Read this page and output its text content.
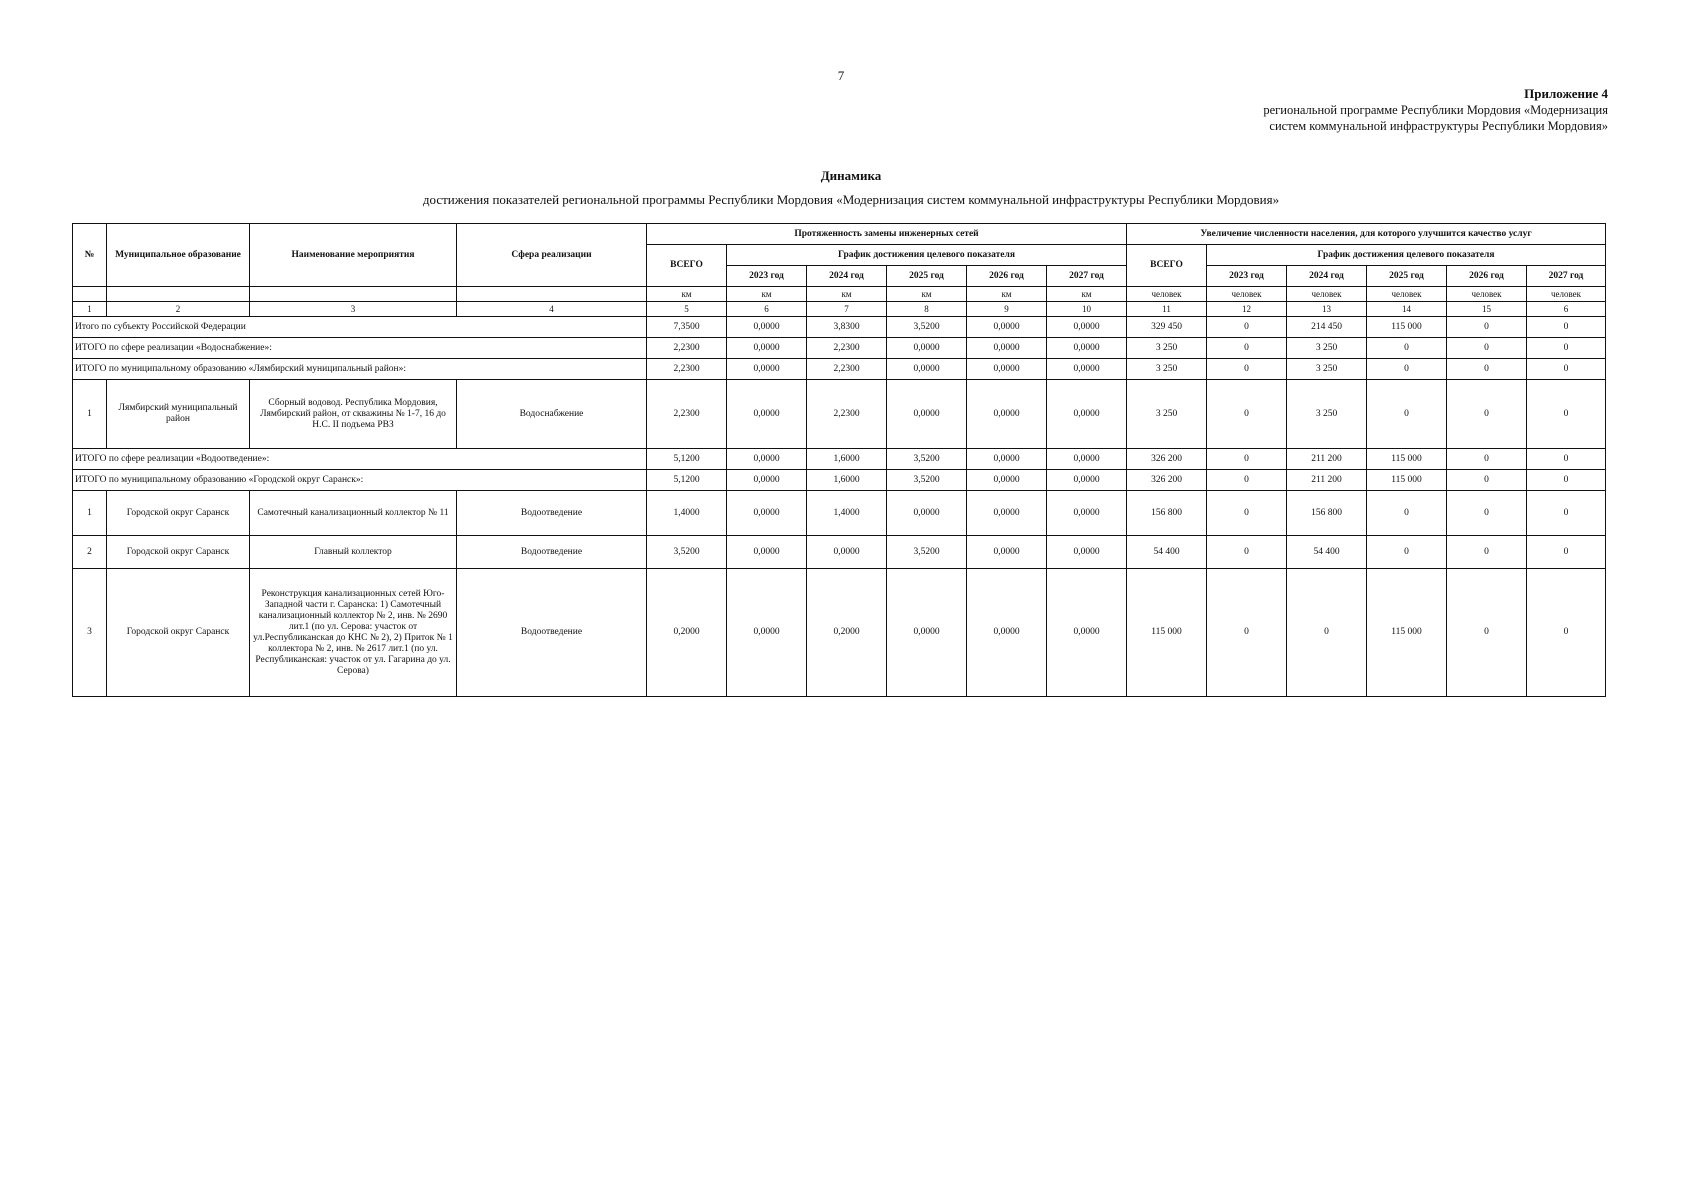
7
Приложение 4
региональной программе Республики Мордовия «Модернизация
систем коммунальной инфраструктуры Республики Мордовия»
Динамика
достижения показателей региональной программы Республики Мордовия «Модернизация систем коммунальной инфраструктуры Республики Мордовия»
№	Муниципальное образование	Наименование мероприятия	Сфера реализации	Протяженность замены инженерных сетей						Увеличение численности населения, для которого улучшится качество услуг					
				ВСЕГО	График достижения целевого показателя					ВСЕГО	График достижения целевого показателя				
					2023 год	2024 год	2025 год	2026 год	2027 год		2023 год	2024 год	2025 год	2026 год	2027 год
				км	км	км	км	км	км	человек	человек	человек	человек	человек	человек
1	2	3	4	5	6	7	8	9	10	11	12	13	14	15	6
Итого по субъекту Российской Федерации				7,3500	0,0000	3,8300	3,5200	0,0000	0,0000	329 450	0	214 450	115 000	0	0
ИТОГО по сфере реализации «Водоснабжение»:				2,2300	0,0000	2,2300	0,0000	0,0000	0,0000	3 250	0	3 250	0	0	0
ИТОГО по муниципальному образованию «Лямбирский муниципальный район»:				2,2300	0,0000	2,2300	0,0000	0,0000	0,0000	3 250	0	3 250	0	0	0
1	Лямбирский муниципальный район	Сборный водовод. Республика Мордовия, Лямбирский район, от скважины № 1-7, 16 до Н.С. II подъема РВЗ	Водоснабжение	2,2300	0,0000	2,2300	0,0000	0,0000	0,0000	3 250	0	3 250	0	0	0
ИТОГО по сфере реализации «Водоотведение»:				5,1200	0,0000	1,6000	3,5200	0,0000	0,0000	326 200	0	211 200	115 000	0	0
ИТОГО по муниципальному образованию «Городской округ Саранск»:				5,1200	0,0000	1,6000	3,5200	0,0000	0,0000	326 200	0	211 200	115 000	0	0
1	Городской округ Саранск	Самотечный канализационный коллектор № 11	Водоотведение	1,4000	0,0000	1,4000	0,0000	0,0000	0,0000	156 800	0	156 800	0	0	0
2	Городской округ Саранск	Главный коллектор	Водоотведение	3,5200	0,0000	0,0000	3,5200	0,0000	0,0000	54 400	0	54 400	0	0	0
3	Городской округ Саранск	Реконструкция канализационных сетей Юго-Западной части г. Саранска: 1) Самотечный канализационный коллектор № 2, инв. № 2690 лит.1 (по ул. Серова: участок от ул.Республиканская до КНС № 2), 2) Приток № 1 коллектора № 2, инв. № 2617 лит.1 (по ул. Республиканская: участок от ул. Гагарина до ул. Серова)	Водоотведение	0,2000	0,0000	0,2000	0,0000	0,0000	0,0000	115 000	0	0	115 000	0	0
